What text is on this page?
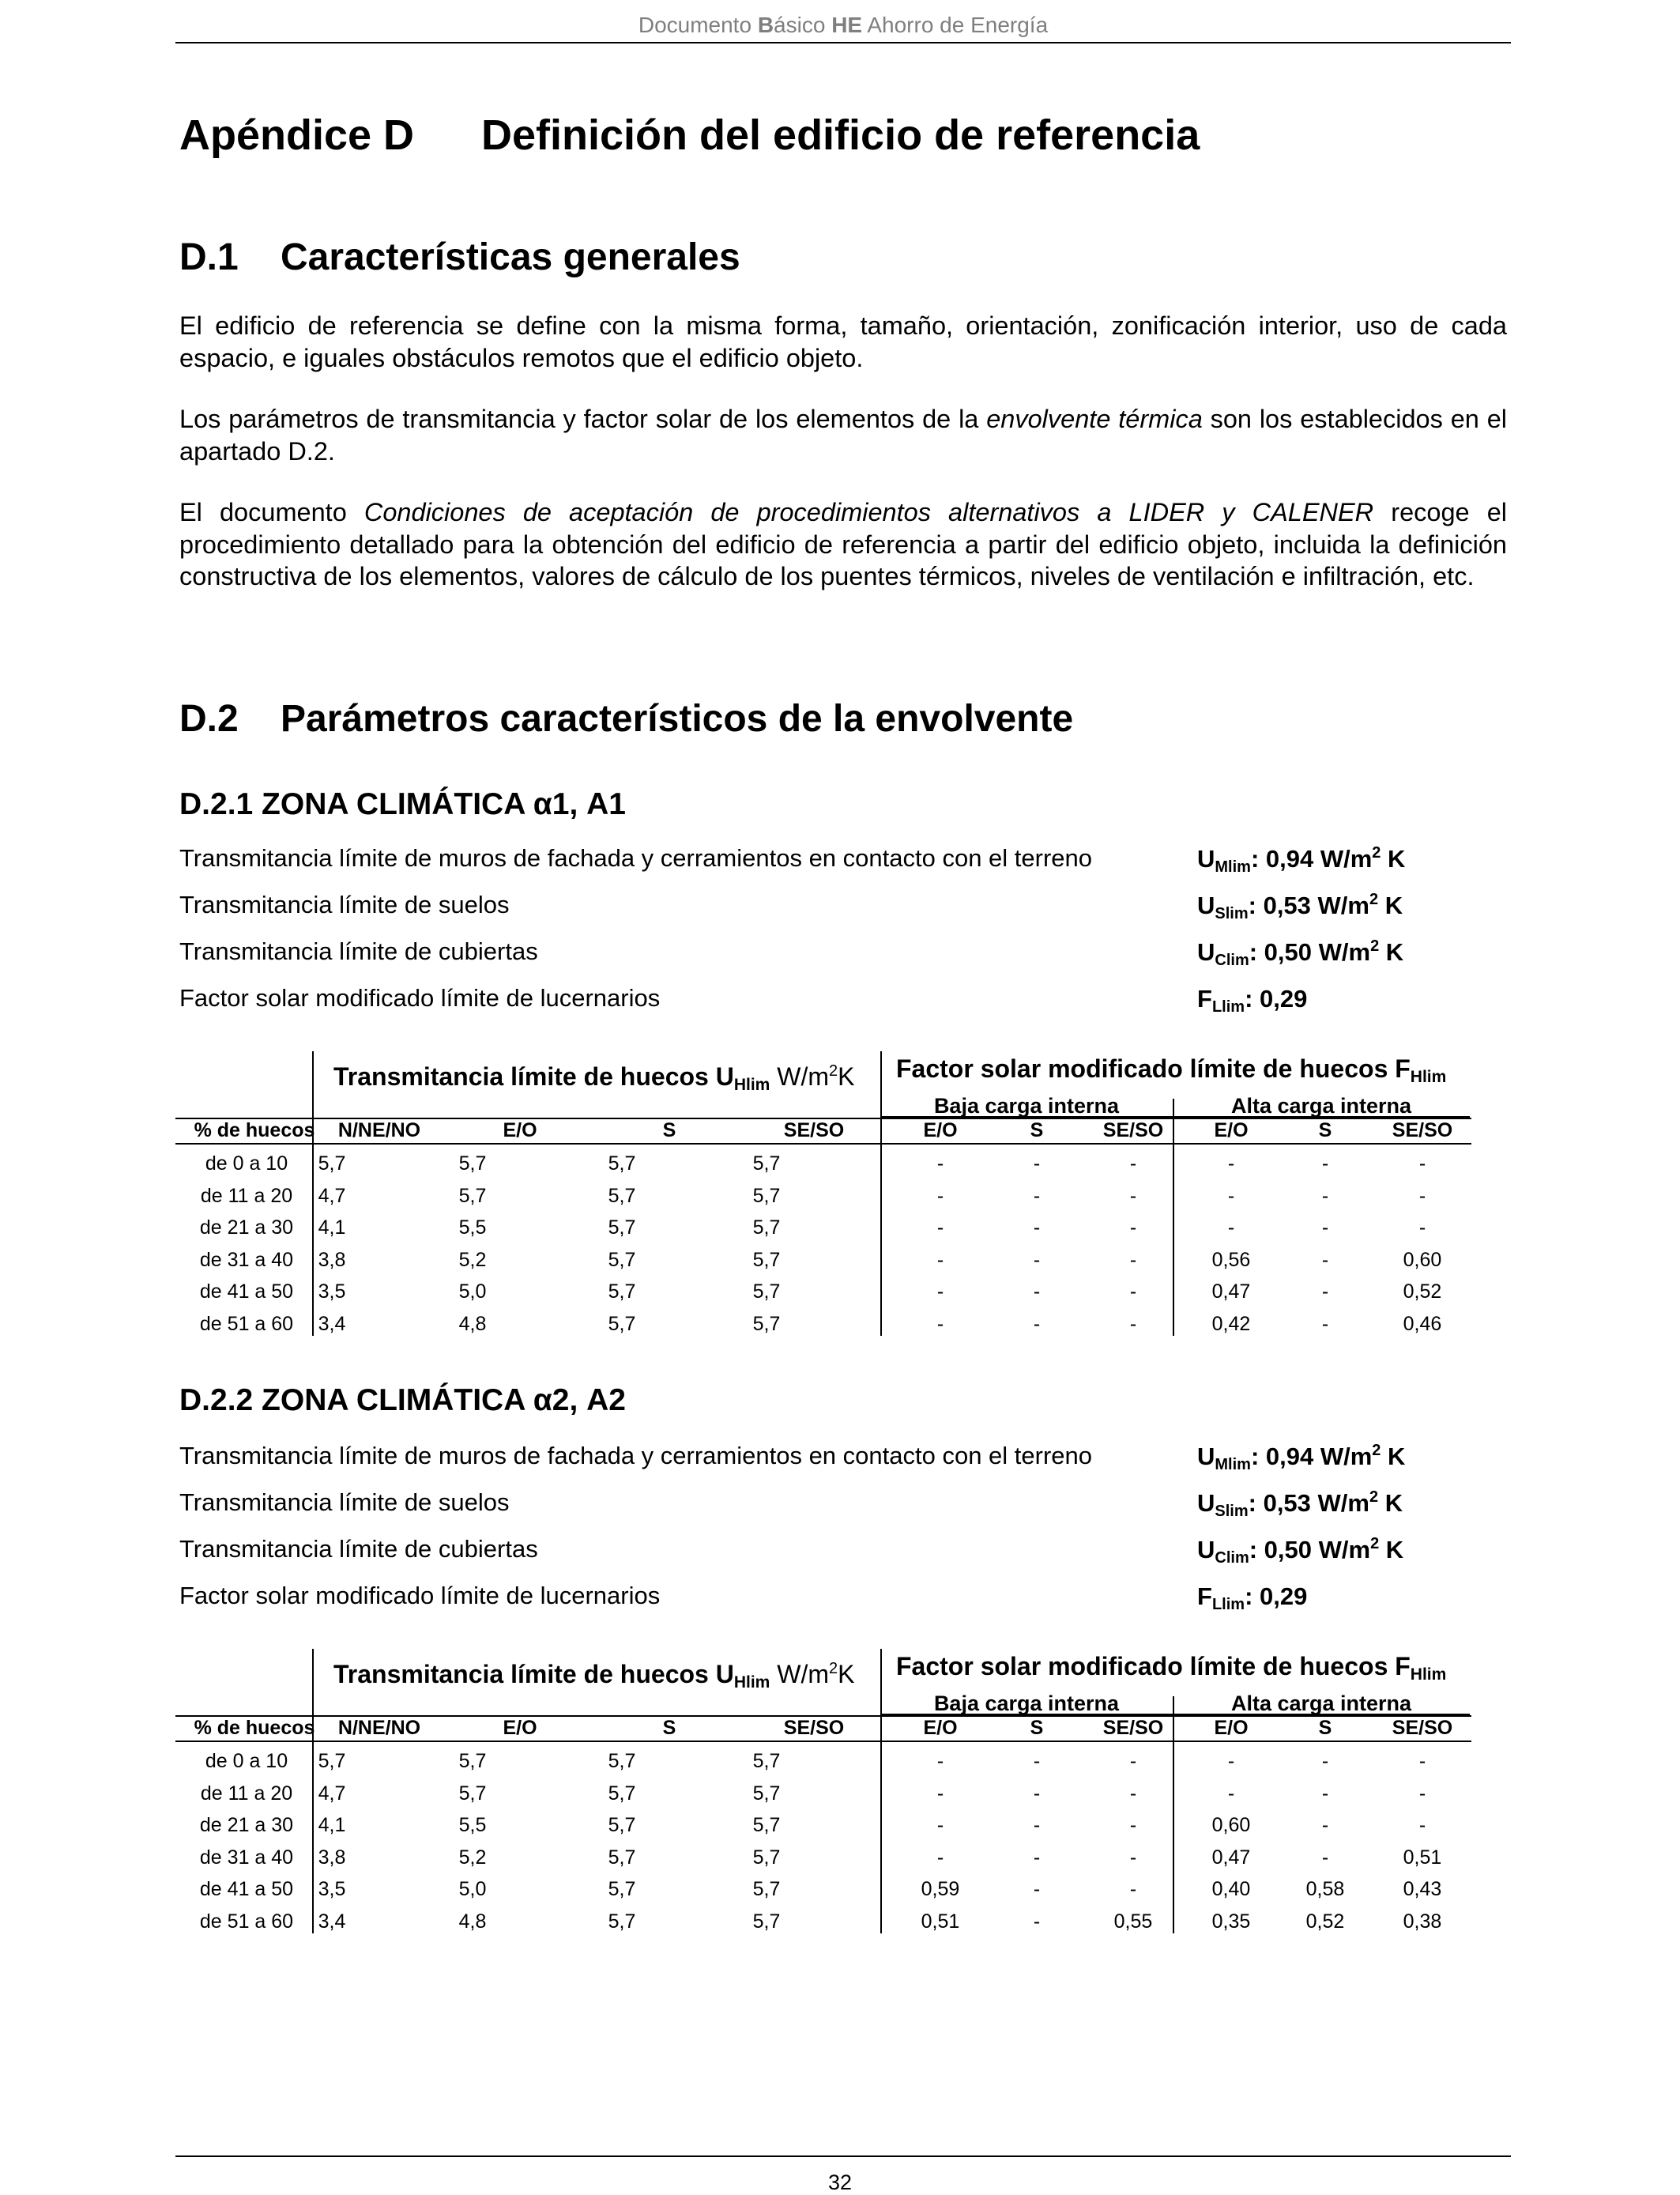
Documento Básico HE Ahorro de Energía
Apéndice D Definición del edificio de referencia
D.1 Características generales
El edificio de referencia se define con la misma forma, tamaño, orientación, zonificación interior, uso de cada espacio, e iguales obstáculos remotos que el edificio objeto.
Los parámetros de transmitancia y factor solar de los elementos de la envolvente térmica son los establecidos en el apartado D.2.
El documento Condiciones de aceptación de procedimientos alternativos a LIDER y CALENER recoge el procedimiento detallado para la obtención del edificio de referencia a partir del edificio objeto, incluida la definición constructiva de los elementos, valores de cálculo de los puentes térmicos, niveles de ventilación e infiltración, etc.
D.2 Parámetros característicos de la envolvente
D.2.1 ZONA CLIMÁTICA α1, A1
Transmitancia límite de muros de fachada y cerramientos en contacto con el terreno	$U_{Mlim}$: 0,94 $W/m^2$ K
Transmitancia límite de suelos	$U_{Slim}$: 0,53 $W/m^2$ K
Transmitancia límite de cubiertas	$U_{Clim}$: 0,50 $W/m^2$ K
Factor solar modificado límite de lucernarios	$F_{Llim}$: 0,29
Transmitancia límite de huecos $U_{Hlim}$ $W/m^2K$ Factor solar modificado límite de huecos $F_{Hlim}$
Baja carga interna	Alta carga interna
% de huecos	N/NE/NO	E/O	S	SE/SO	E/O	S	SE/SO	E/O	S	SE/SO
de 0 a 10	5,7	5,7	5,7	5,7	-	-	-	-	-	-
de 11 a 20	4,7	5,7	5,7	5,7	-	-	-	-	-	-
de 21 a 30	4,1	5,5	5,7	5,7	-	-	-	-	-	-
de 31 a 40	3,8	5,2	5,7	5,7	-	-	-	0,56	-	0,60
de 41 a 50	3,5	5,0	5,7	5,7	-	-	-	0,47	-	0,52
de 51 a 60	3,4	4,8	5,7	5,7	-	-	-	0,42	-	0,46
D.2.2 ZONA CLIMÁTICA α2, A2
Transmitancia límite de muros de fachada y cerramientos en contacto con el terreno	$U_{Mlim}$: 0,94 $W/m^2$ K
Transmitancia límite de suelos	$U_{Slim}$: 0,53 $W/m^2$ K
Transmitancia límite de cubiertas	$U_{Clim}$: 0,50 $W/m^2$ K
Factor solar modificado límite de lucernarios	$F_{Llim}$: 0,29
Transmitancia límite de huecos $U_{Hlim}$ $W/m^2K$ Factor solar modificado límite de huecos $F_{Hlim}$
Baja carga interna	Alta carga interna
% de huecos	N/NE/NO	E/O	S	SE/SO	E/O	S	SE/SO	E/O	S	SE/SO
de 0 a 10	5,7	5,7	5,7	5,7	-	-	-	-	-	-
de 11 a 20	4,7	5,7	5,7	5,7	-	-	-	-	-	-
de 21 a 30	4,1	5,5	5,7	5,7	-	-	-	0,60	-	-
de 31 a 40	3,8	5,2	5,7	5,7	-	-	-	0,47	-	0,51
de 41 a 50	3,5	5,0	5,7	5,7	0,59	-	-	0,40	0,58	0,43
de 51 a 60	3,4	4,8	5,7	5,7	0,51	-	0,55	0,35	0,52	0,38
32
